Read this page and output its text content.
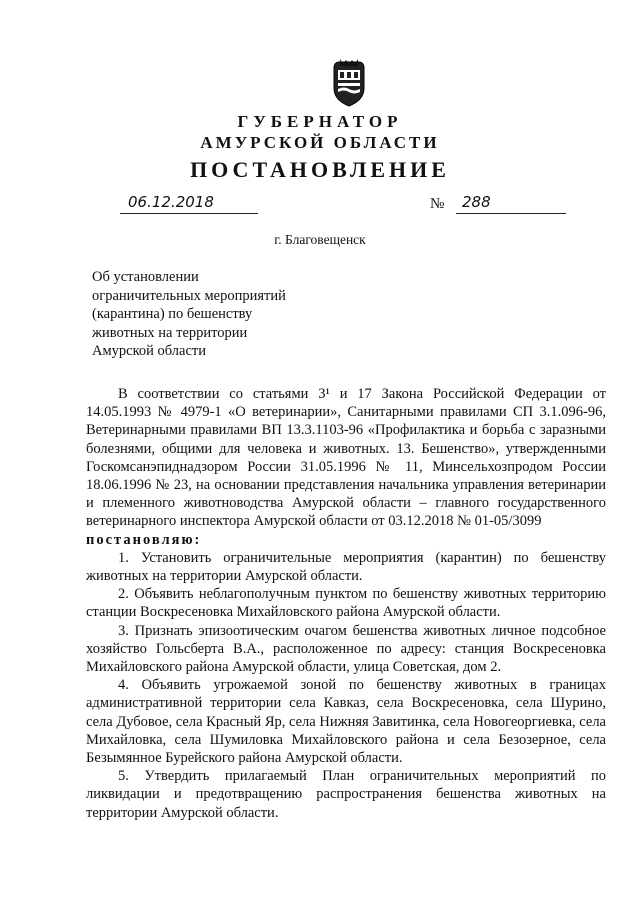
ГУБЕРНАТОР
АМУРСКОЙ ОБЛАСТИ
ПОСТАНОВЛЕНИЕ
06.12.2018	№	288
г. Благовещенск
Об установлении
ограничительных мероприятий
(карантина) по бешенству
животных на территории
Амурской области

В соответствии со статьями 3¹ и 17 Закона Российской Федерации от 14.05.1993 № 4979-1 «О ветеринарии», Санитарными правилами СП 3.1.096-96, Ветеринарными правилами ВП 13.3.1103-96 «Профилактика и борьба с заразными болезнями, общими для человека и животных. 13. Бешенство», утвержденными Госкомсанэпиднадзором России 31.05.1996 № 11, Минсельхозпродом России 18.06.1996 № 23, на основании представления начальника управления ветеринарии и племенного животноводства Амурской области – главного государственного ветеринарного инспектора Амурской области от 03.12.2018 № 01-05/3099

постановляю:

1. Установить ограничительные мероприятия (карантин) по бешенству животных на территории Амурской области.

2. Объявить неблагополучным пунктом по бешенству животных территорию станции Воскресеновка Михайловского района Амурской области.

3. Признать эпизоотическим очагом бешенства животных личное подсобное хозяйство Гольсберта В.А., расположенное по адресу: станция Воскресеновка Михайловского района Амурской области, улица Советская, дом 2.

4. Объявить угрожаемой зоной по бешенству животных в границах административной территории села Кавказ, села Воскресеновка, села Шурино, села Дубовое, села Красный Яр, села Нижняя Завитинка, села Новогеоргиевка, села Михайловка, села Шумиловка Михайловского района и села Безозерное, села Безымянное Бурейского района Амурской области.

5. Утвердить прилагаемый План ограничительных мероприятий по ликвидации и предотвращению распространения бешенства животных на территории Амурской области.
